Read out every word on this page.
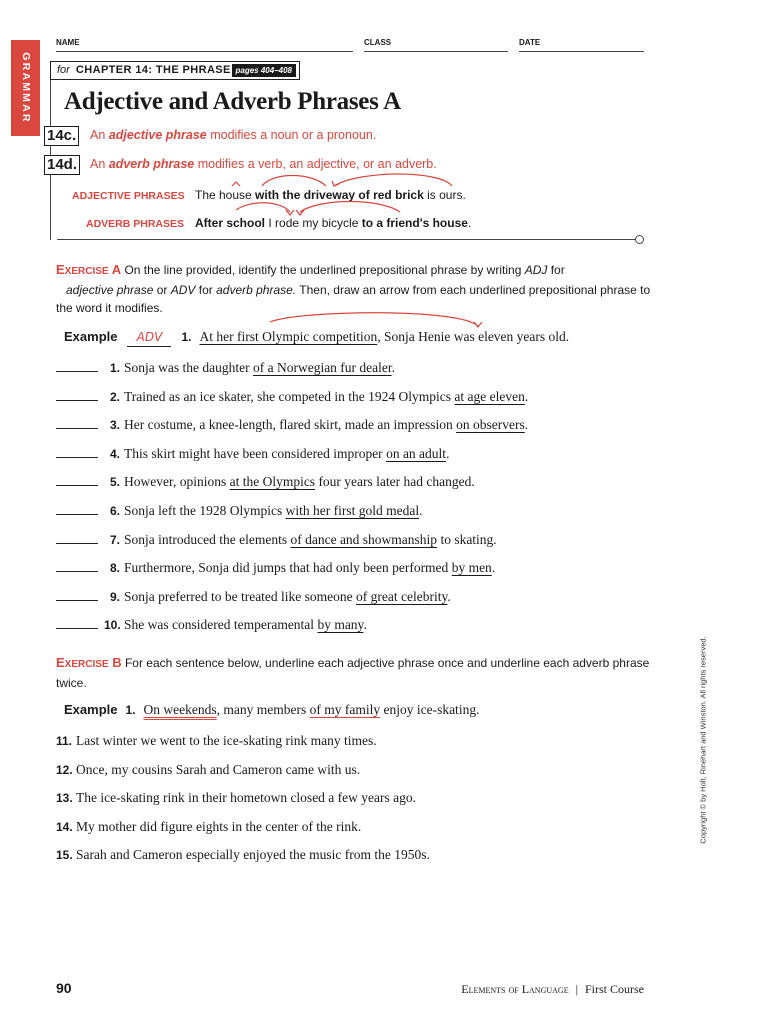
GRAMMAR
NAME	CLASS	DATE
for CHAPTER 14: THE PHRASE pages 404–408
Adjective and Adverb Phrases A
14c. An adjective phrase modifies a noun or a pronoun.
14d. An adverb phrase modifies a verb, an adjective, or an adverb.
ADJECTIVE PHRASES The house with the driveway of red brick is ours.
ADVERB PHRASES After school I rode my bicycle to a friend's house.
EXERCISE A On the line provided, identify the underlined prepositional phrase by writing ADJ for
adjective phrase or ADV for adverb phrase. Then, draw an arrow from each underlined prepositional phrase to the word it modifies.
Example ADV 1. At her first Olympic competition, Sonja Henie was eleven years old.
1. Sonja was the daughter of a Norwegian fur dealer.
2. Trained as an ice skater, she competed in the 1924 Olympics at age eleven.
3. Her costume, a knee-length, flared skirt, made an impression on observers.
4. This skirt might have been considered improper on an adult.
5. However, opinions at the Olympics four years later had changed.
6. Sonja left the 1928 Olympics with her first gold medal.
7. Sonja introduced the elements of dance and showmanship to skating.
8. Furthermore, Sonja did jumps that had only been performed by men.
9. Sonja preferred to be treated like someone of great celebrity.
10. She was considered temperamental by many.
EXERCISE B For each sentence below, underline each adjective phrase once and underline each adverb phrase twice.
Example 1. On weekends, many members of my family enjoy ice-skating.
11. Last winter we went to the ice-skating rink many times.
12. Once, my cousins Sarah and Cameron came with us.
13. The ice-skating rink in their hometown closed a few years ago.
14. My mother did figure eights in the center of the rink.
15. Sarah and Cameron especially enjoyed the music from the 1950s.
Copyright © by Holt, Rinehart and Winston. All rights reserved.
90	Elements of Language | First Course
